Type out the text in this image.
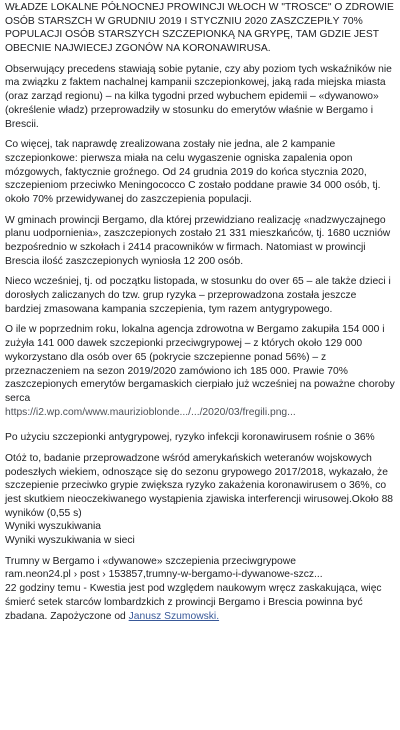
WŁADZE LOKALNE PÓŁNOCNEJ PROWINCJI WŁOCH W "TROSCE" O ZDROWIE OSÓB STARSZCH W GRUDNIU 2019 I STYCZNIU 2020 ZASZCZEPIŁY 70% POPULACJI OSÓB STARSZYCH SZCZEPIONKĄ NA GRYPĘ, TAM GDZIE JEST OBECNIE NAJWIECEJ ZGONÓW NA KORONAWIRUSA.
Obserwujący precedens stawiają sobie pytanie, czy aby poziom tych wskaźników nie ma związku z faktem nachalnej kampanii szczepionkowej, jaką rada miejska miasta (oraz zarząd regionu) – na kilka tygodni przed wybuchem epidemii – «dywanowo» (określenie władz) przeprowadziły w stosunku do emerytów właśnie w Bergamo i Brescii.
Co więcej, tak naprawdę zrealizowana zostały nie jedna, ale 2 kampanie szczepionkowe: pierwsza miała na celu wygaszenie ogniska zapalenia opon mózgowych, faktycznie groźnego. Od 24 grudnia 2019 do końca stycznia 2020, szczepieniom przeciwko Meningococco C zostało poddane prawie 34 000 osób, tj. około 70% przewidywanej do zaszczepienia populacji.
W gminach prowincji Bergamo, dla której przewidziano realizację «nadzwyczajnego planu uodpornienia», zaszczepionych zostało 21 331 mieszkańców, tj. 1680 uczniów bezpośrednio w szkołach i 2414 pracowników w firmach. Natomiast w prowincji Brescia ilość zaszczepionych wyniosła 12 200 osób.
Nieco wcześniej, tj. od początku listopada, w stosunku do over 65 – ale także dzieci i dorosłych zaliczanych do tzw. grup ryzyka – przeprowadzona została jeszcze bardziej zmasowana kampania szczepienia, tym razem antygrypowego.
O ile w poprzednim roku, lokalna agencja zdrowotna w Bergamo zakupiła 154 000 i zużyła 141 000 dawek szczepionki przeciwgrypowej – z których około 129 000 wykorzystano dla osób over 65 (pokrycie szczepienne ponad 56%) – z przeznaczeniem na sezon 2019/2020 zamówiono ich 185 000. Prawie 70% zaszczepionych emerytów bergamaskich cierpiało już wcześniej na poważne choroby serca
https://i2.wp.com/www.maurizioblonde.../.../2020/03/fregili.png...
Po użyciu szczepionki antygrypowej, ryzyko infekcji koronawirusem rośnie o 36%
Otóż to, badanie przeprowadzone wśród amerykańskich weteranów wojskowych podeszłych wiekiem, odnoszące się do sezonu grypowego 2017/2018, wykazało, że szczepienie przeciwko grypie zwiększa ryzyko zakażenia koronawirusem o 36%, co jest skutkiem nieoczekiwanego wystąpienia zjawiska interferencji wirusowej.Około 88 wyników (0,55 s)
Wyniki wyszukiwania
Wyniki wyszukiwania w sieci
Trumny w Bergamo i «dywanowe» szczepienia przeciwgrypowe
ram.neon24.pl › post › 153857,trumny-w-bergamo-i-dywanowe-szcz...
22 godziny temu - Kwestia jest pod względem naukowym wręcz zaskakująca, więc śmierć setek starców lombardzkich z prowincji Bergamo i Brescia powinna być zbadana. Zapożyczone od Janusz Szumowski.
